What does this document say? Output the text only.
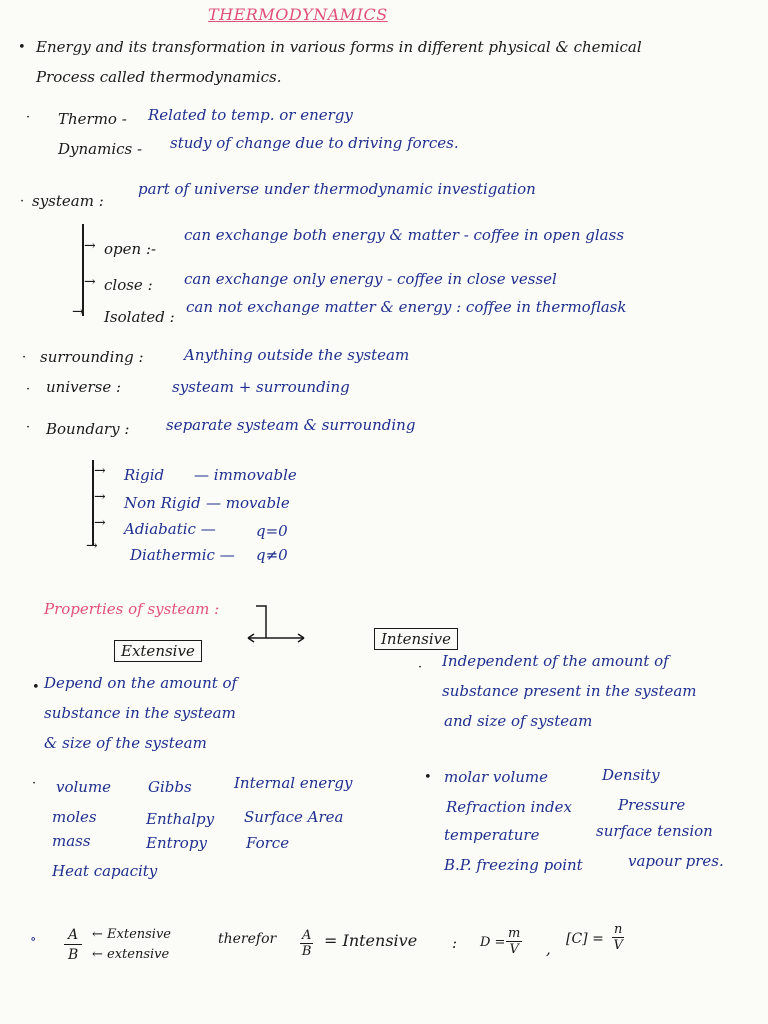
THERMODYNAMICS
• Energy and its transformation in various forms in different physical & chemical
Process called thermodynamics.
· Thermo - Related to temp. or energy
Dynamics - study of change due to driving forces.
· systeam :
part of universe under thermodynamic investigation
→ open :-
can exchange both energy & matter - coffee in open glass
→ close : can exchange only energy - coffee in close vessel
→ Isolated :
can not exchange matter & energy : coffee in thermoflask
· surrounding :	Anything outside the systeam
· universe :	systeam + surrounding
· Boundary : separate systeam & surrounding
→ Rigid — immovable
→ Non Rigid — movable
→ Adiabatic —	q=0
→ Diathermic — q≠0
Properties of systeam :
Extensive
Intensive
• Depend on the amount of
substance in the systeam
& size of the systeam
· Independent of the amount of
substance present in the systeam
and size of systeam
· volume Gibbs	Internal energy
moles	Enthalpy Surface Area
mass	Entropy	Force
Heat capacity
• molar volume	Density
Refraction index	Pressure
temperature	surface tension
B.P. freezing point	vapour pres.
∘ A
B
← Extensive
← extensive
therefor $\frac{A}{B}$ = Intensive : $D = \frac{m}{V}$ ,
$[C] = \frac{n}{V}$
